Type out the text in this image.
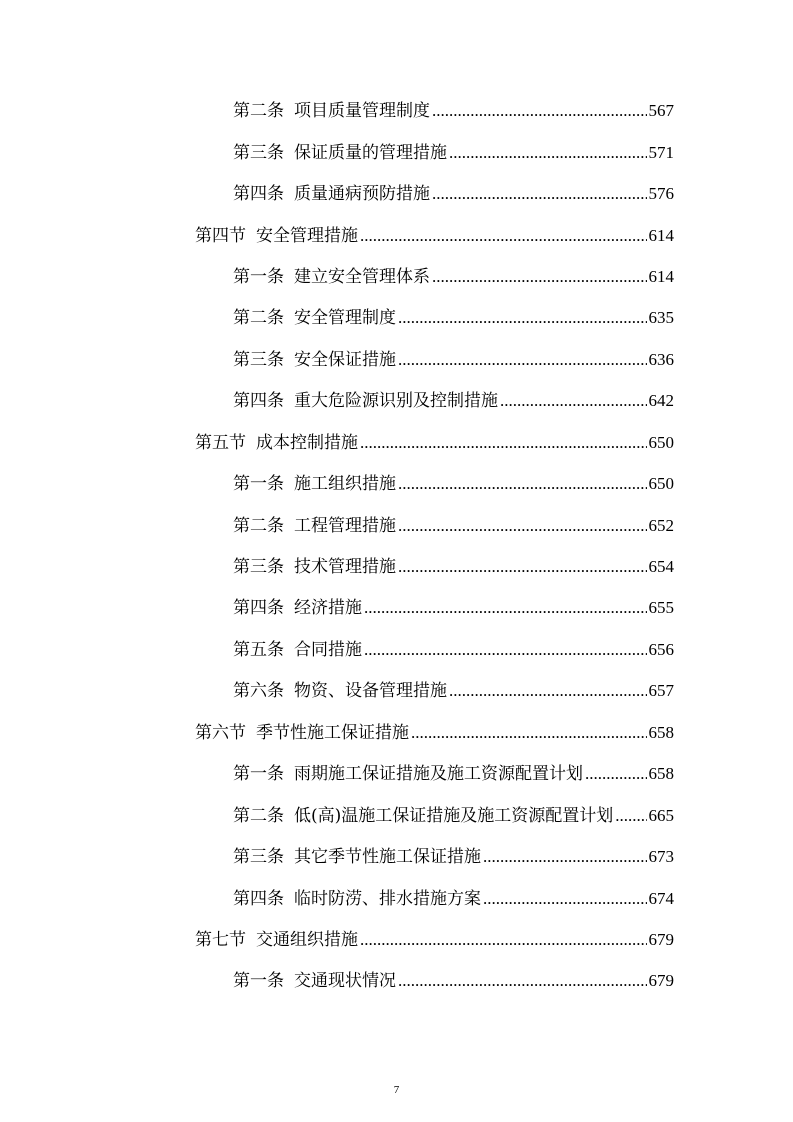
第二条 项目质量管理制度 .....	567
第三条 保证质量的管理措施 .....	571
第四条 质量通病预防措施 .....	576
第四节 安全管理措施 .....	614
第一条 建立安全管理体系 .....	614
第二条 安全管理制度 .....	635
第三条 安全保证措施 .....	636
第四条 重大危险源识别及控制措施 .....	642
第五节 成本控制措施 .....	650
第一条 施工组织措施 .....	650
第二条 工程管理措施 .....	652
第三条 技术管理措施 .....	654
第四条 经济措施 .....	655
第五条 合同措施 .....	656
第六条 物资、设备管理措施 .....	657
第六节 季节性施工保证措施 .....	658
第一条 雨期施工保证措施及施工资源配置计划 .....	658
第二条 低(高)温施工保证措施及施工资源配置计划 ..... 665
第三条 其它季节性施工保证措施 .....	673
第四条 临时防涝、排水措施方案 .....	674
第七节 交通组织措施 .....	679
第一条 交通现状情况 .....	679
7
